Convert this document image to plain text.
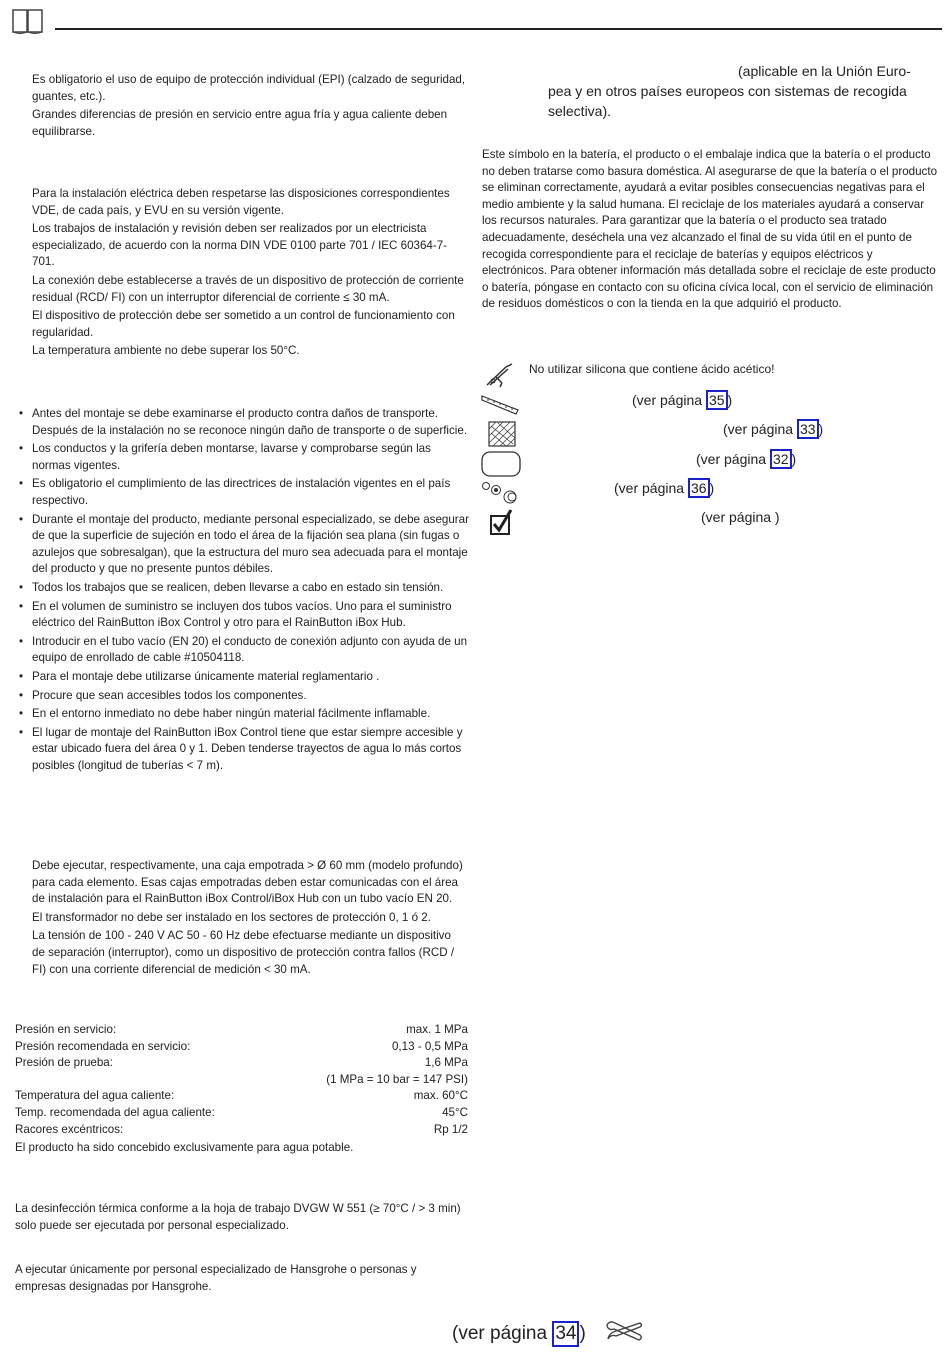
Es obligatorio el uso de equipo de protección individual (EPI) (calzado de seguridad, guantes, etc.).

Grandes diferencias de presión en servicio entre agua fría y agua caliente deben equilibrarse.

Para la instalación eléctrica deben respetarse las disposiciones correspondientes VDE, de cada país, y EVU en su versión vigente.

Los trabajos de instalación y revisión deben ser realizados por un electricista especializado, de acuerdo con la norma DIN VDE 0100 parte 701 / IEC 60364-7-701.

La conexión debe establecerse a través de un dispositivo de protección de corriente residual (RCD/ FI) con un interruptor diferencial de corriente ≤ 30 mA.

El dispositivo de protección debe ser sometido a un control de funcionamiento con regularidad.

La temperatura ambiente no debe superar los 50°C.

• Antes del montaje se debe examinarse el producto contra daños de transporte. Después de la instalación no se reconoce ningún daño de transporte o de superficie.
• Los conductos y la grifería deben montarse, lavarse y comprobarse según las normas vigentes.
• Es obligatorio el cumplimiento de las directrices de instalación vigentes en el país respectivo.
• Durante el montaje del producto, mediante personal especializado, se debe asegurar de que la superficie de sujeción en todo el área de la fijación sea plana (sin fugas o azulejos que sobresalgan), que la estructura del muro sea adecuada para el montaje del producto y que no presente puntos débiles.
• Todos los trabajos que se realicen, deben llevarse a cabo en estado sin tensión.
• En el volumen de suministro se incluyen dos tubos vacíos. Uno para el suministro eléctrico del RainButton iBox Control y otro para el RainButton iBox Hub.
• Introducir en el tubo vacío (EN 20) el conducto de conexión adjunto con ayuda de un equipo de enrollado de cable #10504118.
• Para el montaje debe utilizarse únicamente material reglamentario .
• Procure que sean accesibles todos los componentes.
• En el entorno inmediato no debe haber ningún material fácilmente inflamable.
• El lugar de montaje del RainButton iBox Control tiene que estar siempre accesible y estar ubicado fuera del área 0 y 1. Deben tenderse trayectos de agua lo más cortos posibles (longitud de tuberías < 7 m).

Debe ejecutar, respectivamente, una caja empotrada > Ø 60 mm (modelo profundo) para cada elemento. Esas cajas empotradas deben estar comunicadas con el área de instalación para el RainButton iBox Control/iBox Hub con un tubo vacío EN 20.

El transformador no debe ser instalado en los sectores de protección 0, 1 ó 2.

La tensión de 100 - 240 V AC 50 - 60 Hz debe efectuarse mediante un dispositivo de separación (interruptor), como un dispositivo de protección contra fallos (RCD / FI) con una corriente diferencial de medición < 30 mA.

Presión en servicio:	max. 1 MPa
Presión recomendada en servicio:	0,13 - 0,5 MPa
Presión de prueba:	1,6 MPa
(1 MPa = 10 bar = 147 PSI)
Temperatura del agua caliente:	max. 60°C
Temp. recomendada del agua caliente:	45°C
Racores excéntricos:	Rp 1/2
El producto ha sido concebido exclusivamente para agua potable.
La desinfección térmica conforme a la hoja de trabajo DVGW W 551 (≥ 70°C / > 3 min) solo puede ser ejecutada por personal especializado.
A ejecutar únicamente por personal especializado de Hansgrohe o personas y empresas designadas por Hansgrohe.
(aplicable en la Unión Euro-
pea y en otros países europeos con sistemas de recogida
selectiva).
Este símbolo en la batería, el producto o el embalaje indica que la batería o el producto no deben tratarse como basura doméstica. Al asegurarse de que la batería o el producto se eliminan correctamente, ayudará a evitar posibles consecuencias negativas para el medio ambiente y la salud humana. El reciclaje de los materiales ayudará a conservar los recursos naturales. Para garantizar que la batería o el producto sea tratado adecuadamente, deséchela una vez alcanzado el final de su vida útil en el punto de recogida correspondiente para el reciclaje de baterías y equipos eléctricos y electrónicos. Para obtener información más detallada sobre el reciclaje de este producto o batería, póngase en contacto con su oficina cívica local, con el servicio de eliminación de residuos domésticos o con la tienda en la que adquirió el producto.
No utilizar silicona que contiene ácido acético!
(ver página 35 )
(ver página 33 )
(ver página 32 )
(ver página 36 )
(ver página )
(ver página 34 )
